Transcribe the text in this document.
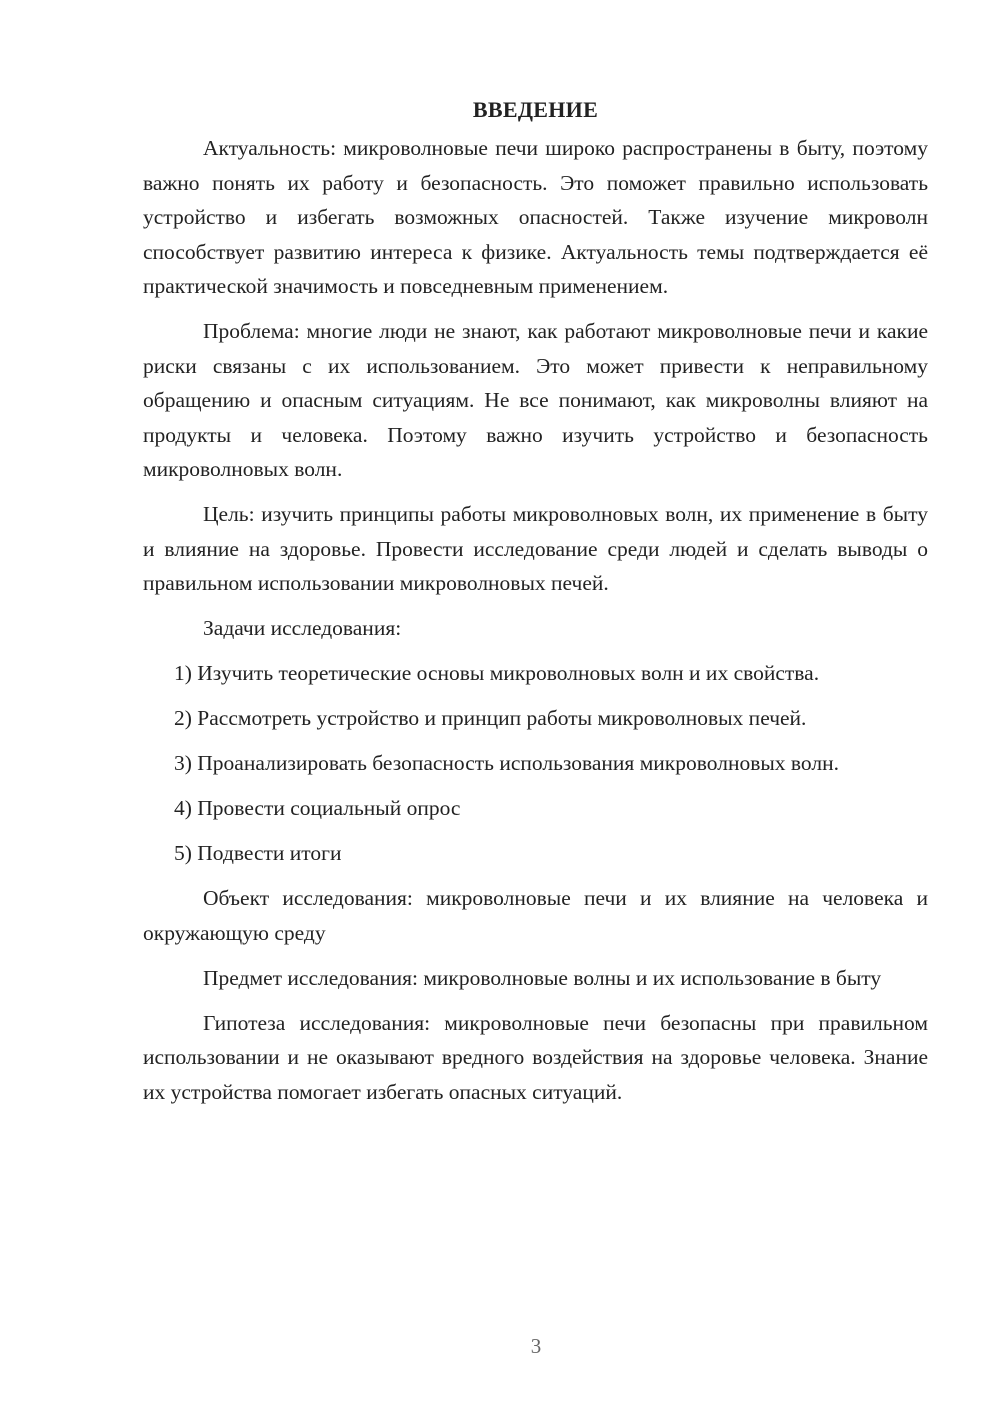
ВВЕДЕНИЕ

Актуальность: микроволновые печи широко распространены в быту, поэтому важно понять их работу и безопасность. Это поможет правильно использовать устройство и избегать возможных опасностей. Также изучение микроволн способствует развитию интереса к физике. Актуальность темы подтверждается её практической значимость и повседневным применением.

Проблема: многие люди не знают, как работают микроволновые печи и какие риски связаны с их использованием. Это может привести к неправильному обращению и опасным ситуациям. Не все понимают, как микроволны влияют на продукты и человека. Поэтому важно изучить устройство и безопасность микроволновых волн.

Цель: изучить принципы работы микроволновых волн, их применение в быту и влияние на здоровье. Провести исследование среди людей и сделать выводы о правильном использовании микроволновых печей.

Задачи исследования:

1) Изучить теоретические основы микроволновых волн и их свойства.

2) Рассмотреть устройство и принцип работы микроволновых печей.

3) Проанализировать безопасность использования микроволновых волн.

4) Провести социальный опрос

5) Подвести итоги

Объект исследования: микроволновые печи и их влияние на человека и окружающую среду

Предмет исследования: микроволновые волны и их использование в быту

Гипотеза исследования: микроволновые печи безопасны при правильном использовании и не оказывают вредного воздействия на здоровье человека. Знание их устройства помогает избегать опасных ситуаций.

3
